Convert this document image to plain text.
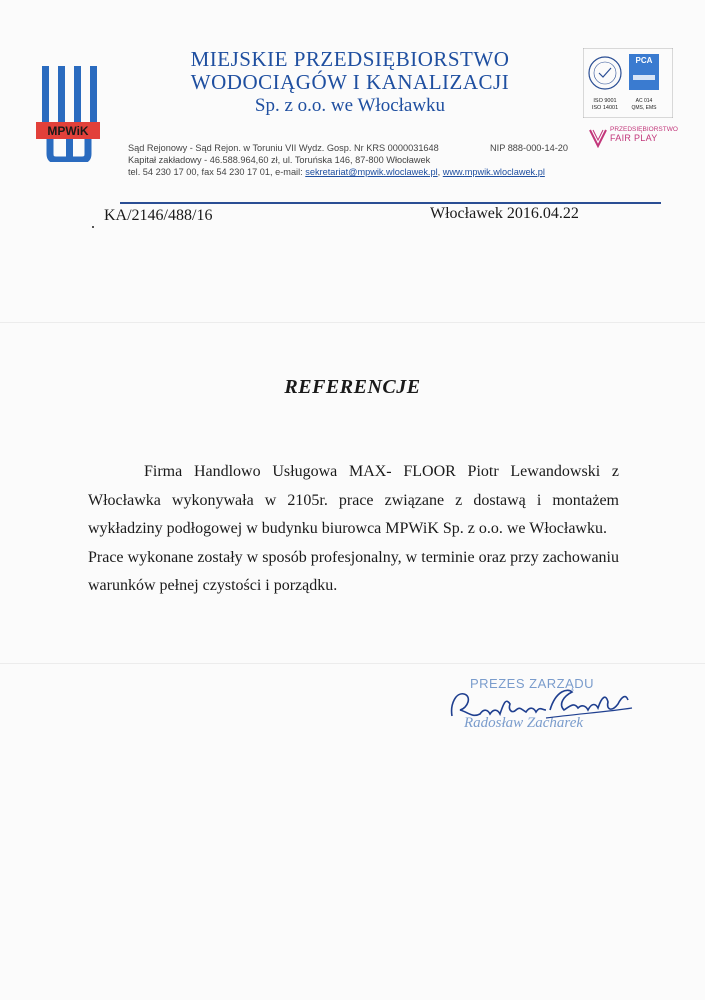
MPWiK
MIEJSKIE PRZEDSIĘBIORSTWO
WODOCIĄGÓW I KANALIZACJI
Sp. z o.o. we Włocławku
Sąd Rejonowy - Sąd Rejon. w Toruniu VII Wydz. Gosp. Nr KRS 0000031648	NIP 888-000-14-20
Kapitał zakładowy - 46.588.964,60 zł, ul. Toruńska 146, 87-800 Włocławek
tel. 54 230 17 00, fax 54 230 17 01, e-mail: sekretariat@mpwik.wloclawek.pl, www.mpwik.wloclawek.pl
ISO 9001
ISO 14001
PCA
AC 014
QMS, EMS
PRZEDSIĘBIORSTWO
FAIR PLAY
KA/2146/488/16	Włocławek 2016.04.22
REFERENCJE

Firma Handlowo Usługowa MAX- FLOOR Piotr Lewandowski z Włocławka wykonywała w 2105r. prace związane z dostawą i montażem wykładziny podłogowej w budynku biurowca MPWiK Sp. z o.o. we Włocławku.

Prace wykonane zostały w sposób profesjonalny, w terminie oraz przy zachowaniu warunków pełnej czystości i porządku.

PREZES ZARZĄDU
Radosław Zacharek
